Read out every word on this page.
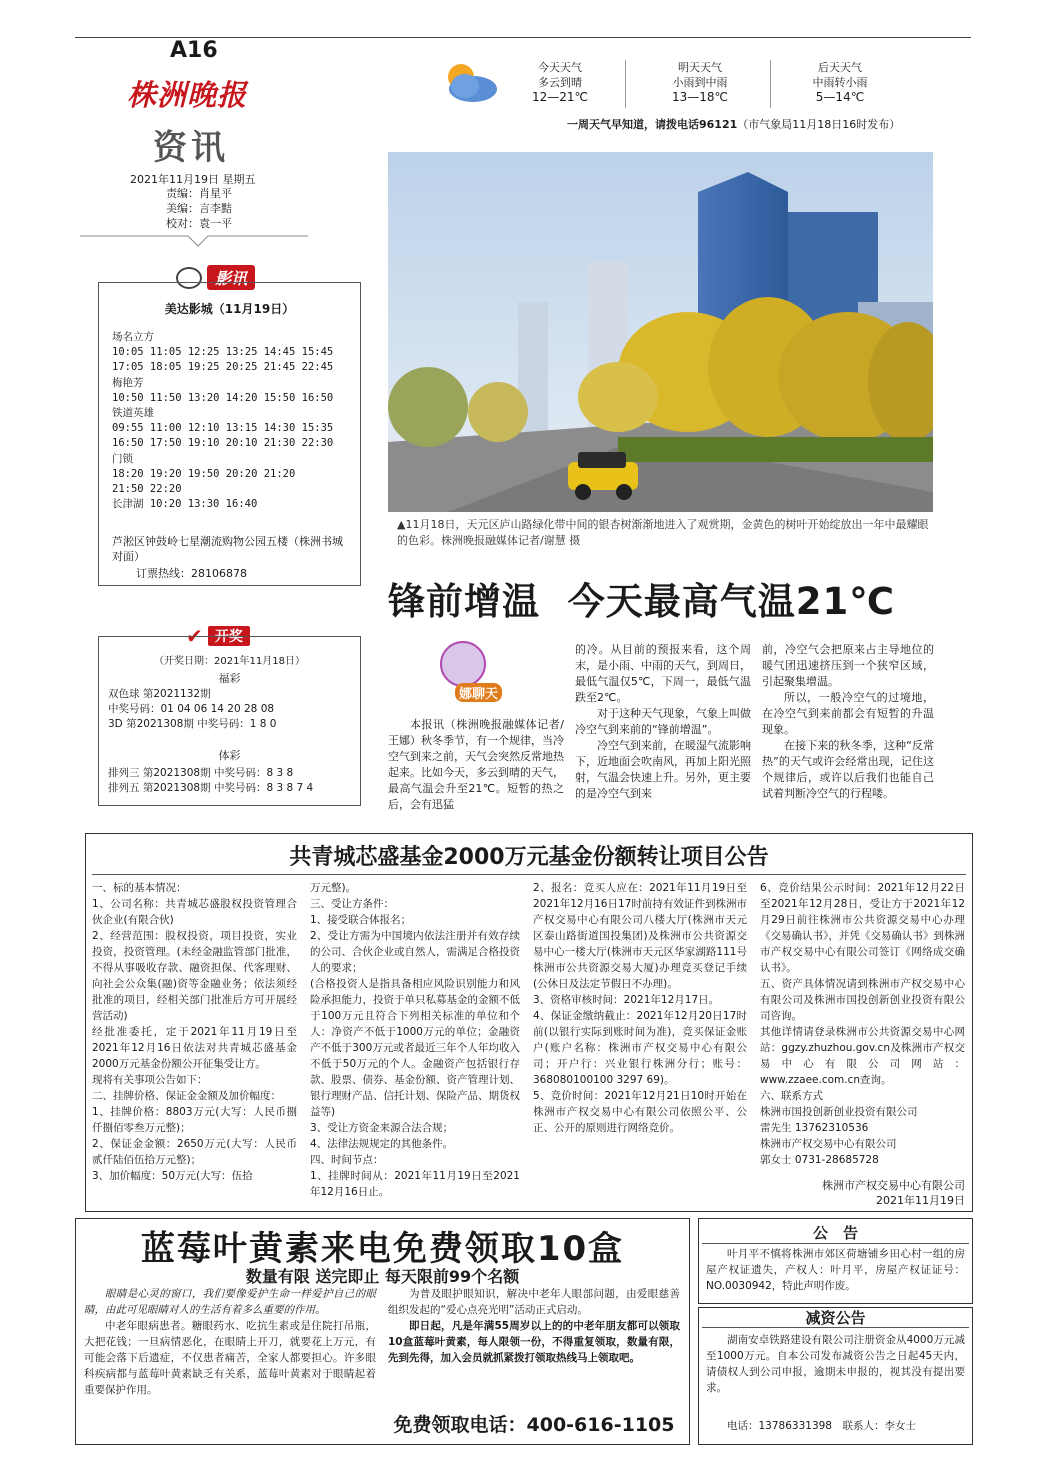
A16
株洲晚报
资讯
2021年11月19日 星期五
责编：肖星平
美编：言李黠
校对：袁一平
今天天气
多云到晴
12—21℃
明天天气
小雨到中雨
13—18℃
后天天气
中雨转小雨
5—14℃
一周天气早知道，请拨电话96121（市气象局11月18日16时发布）
影讯
美达影城（11月19日）
场名立方
10:05 11:05 12:25 13:25 14:45 15:45
17:05 18:05 19:25 20:25 21:45 22:45
梅艳芳
10:50 11:50 13:20 14:20 15:50 16:50
铁道英雄
09:55 11:00 12:10 13:15 14:30 15:35
16:50 17:50 19:10 20:10 21:30 22:30
门锁
18:20 19:20 19:50 20:20 21:20
21:50 22:20
长津湖 10:20 13:30 16:40
芦淞区钟鼓岭七星潮流购物公园五楼（株洲书城对面）
订票热线：28106878
✔ 开奖
（开奖日期：2021年11月18日）
福彩
双色球 第2021132期
中奖号码：01 04 06 14 20 28 08
3D 第2021308期 中奖号码：1 8 0
体彩
排列三 第2021308期 中奖号码：8 3 8
排列五 第2021308期 中奖号码：8 3 8 7 4
▲11月18日，天元区庐山路绿化带中间的银杏树渐渐地进入了观赏期，金黄色的树叶开始绽放出一年中最耀眼的色彩。株洲晚报融媒体记者/谢慧 摄
锋前增温  今天最高气温21℃
娜聊天

本报讯（株洲晚报融媒体记者/王娜）秋冬季节，有一个规律，当冷空气到来之前，天气会突然反常地热起来。比如今天，多云到晴的天气，最高气温会升至21℃。短暂的热之后，会有迅猛

的冷。从目前的预报来看，这个周末，是小雨、中雨的天气，到周日，最低气温仅5℃，下周一，最低气温跌至2℃。

对于这种天气现象，气象上叫做冷空气到来前的“锋前增温”。

冷空气到来前，在暖湿气流影响下，近地面会吹南风，再加上阳光照射，气温会快速上升。另外，更主要的是冷空气到来

前，冷空气会把原来占主导地位的暖气团迅速挤压到一个狭窄区域，引起聚集增温。

所以，一般冷空气的过境地，在冷空气到来前都会有短暂的升温现象。

在接下来的秋冬季，这种“反常热”的天气或许会经常出现，记住这个规律后，或许以后我们也能自己试着判断冷空气的行程喽。

共青城芯盛基金2000万元基金份额转让项目公告
一、标的基本情况：
1、公司名称：共青城芯盛股权投资管理合伙企业(有限合伙)
2、经营范围：股权投资，项目投资，实业投资，投资管理。(未经金融监管部门批准，不得从事吸收存款、融资担保、代客理财、向社会公众集(融)资等金融业务；依法须经批准的项目，经相关部门批准后方可开展经营活动)
经批准委托，定于2021年11月19日至2021年12月16日依法对共青城芯盛基金2000万元基金份额公开征集受让方。
现将有关事项公告如下：
二、挂牌价格、保证金金额及加价幅度：
1、挂牌价格：8803万元(大写：人民币捌仟捌佰零叁万元整)；
2、保证金金额：2650万元(大写：人民币贰仟陆佰伍拾万元整)；
3、加价幅度：50万元(大写：伍拾
万元整)。
三、受让方条件：
1、接受联合体报名；
2、受让方需为中国境内依法注册并有效存续的公司、合伙企业或自然人，需满足合格投资人的要求；
(合格投资人是指具备相应风险识别能力和风险承担能力，投资于单只私募基金的金额不低于100万元且符合下列相关标准的单位和个人：净资产不低于1000万元的单位；金融资产不低于300万元或者最近三年个人年均收入不低于50万元的个人。金融资产包括银行存款、股票、债券、基金份额、资产管理计划、银行理财产品、信托计划、保险产品、期货权益等)
3、受让方资金来源合法合规；
4、法律法规规定的其他条件。
四、时间节点：
1、挂牌时间从：2021年11月19日至2021年12月16日止。
2、报名：竞买人应在：2021年11月19日至2021年12月16日17时前持有效证件到株洲市产权交易中心有限公司八楼大厅(株洲市天元区泰山路街道国投集团)及株洲市公共资源交易中心一楼大厅(株洲市天元区华家湖路111号株洲市公共资源交易大厦)办理竞买登记手续(公休日及法定节假日不办理)。
3、资格审核时间：2021年12月17日。
4、保证金缴纳截止：2021年12月20日17时前(以银行实际到账时间为准)，竞买保证金账户(账户名称：株洲市产权交易中心有限公司；开户行：兴业银行株洲分行；账号：368080100100 3297 69)。
5、竞价时间：2021年12月21日10时开始在株洲市产权交易中心有限公司依照公平、公正、公开的原则进行网络竞价。
6、竞价结果公示时间：2021年12月22日至2021年12月28日，受让方于2021年12月29日前往株洲市公共资源交易中心办理《交易确认书》，并凭《交易确认书》到株洲市产权交易中心有限公司签订《网络成交确认书》。
五、资产具体情况请到株洲市产权交易中心有限公司及株洲市国投创新创业投资有限公司咨询。
其他详情请登录株洲市公共资源交易中心网站：ggzy.zhuzhou.gov.cn及株洲市产权交易中心有限公司网站：www.zzaee.com.cn查询。
六、联系方式
株洲市国投创新创业投资有限公司
雷先生 13762310536
株洲市产权交易中心有限公司
郭女士 0731-28685728
株洲市产权交易中心有限公司
2021年11月19日
蓝莓叶黄素来电免费领取10盒
数量有限 送完即止 每天限前99个名额

眼睛是心灵的窗口，我们要像爱护生命一样爱护自己的眼睛，由此可见眼睛对人的生活有着多么重要的作用。

中老年眼病患者。糖眼药水、吃抗生素或是住院打吊瓶，大把花钱；一旦病情恶化，在眼睛上开刀，就要花上万元，有可能会落下后遗症，不仅患者痛苦，全家人都要担心。许多眼科疾病都与蓝莓叶黄素缺乏有关系，蓝莓叶黄素对于眼睛起着重要保护作用。

为普及眼护眼知识，解决中老年人眼部问题，由爱眼慈善组织发起的“爱心点亮光明”活动正式启动。

即日起，凡是年满55周岁以上的的中老年朋友都可以领取10盒蓝莓叶黄素，每人限领一份，不得重复领取，数量有限，先到先得，加入会员就抓紧拨打领取热线马上领取吧。

免费领取电话：400-616-1105
公　告
叶月平不慎将株洲市郊区荷塘铺乡田心村一组的房屋产权证遗失，产权人：叶月平，房屋产权证证号：NO.0030942，特此声明作废。
减资公告
湖南安卓铁路建设有限公司注册资金从4000万元减至1000万元。自本公司发布减资公告之日起45天内，请债权人到公司申报，逾期未申报的，视其没有提出要求。
电话：13786331398　联系人：李女士
